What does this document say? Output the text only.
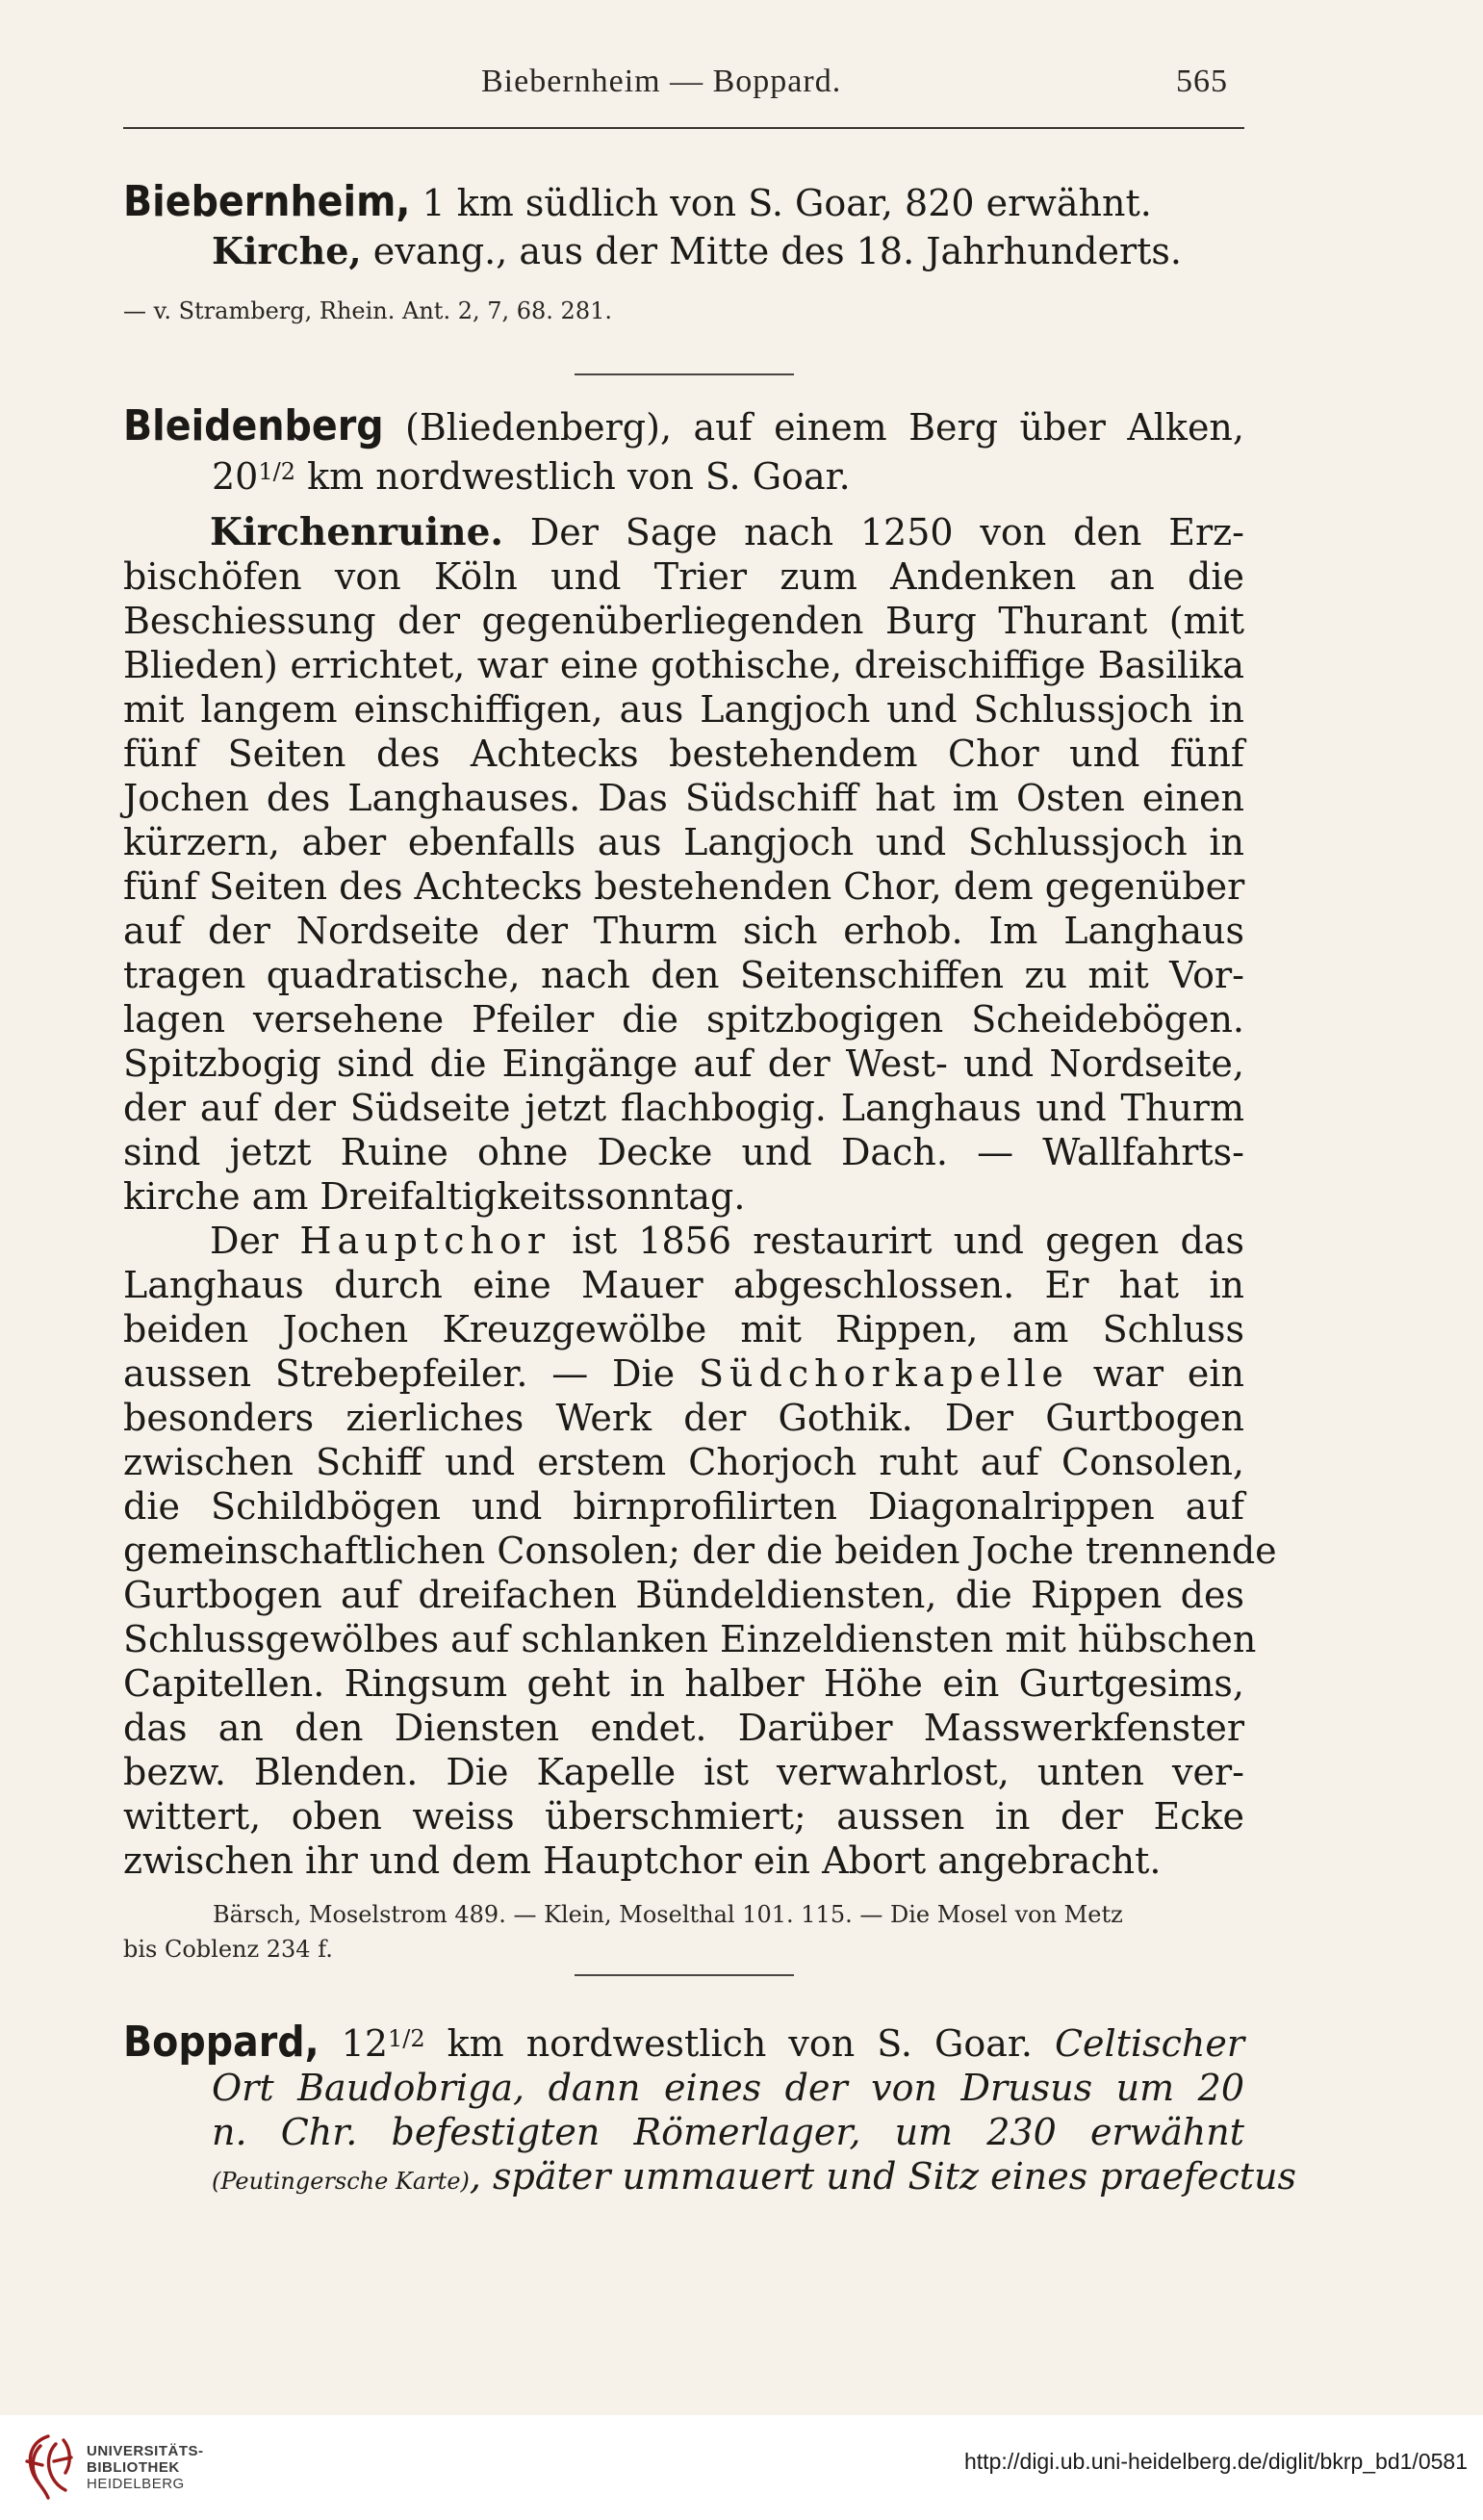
Biebernheim — Boppard.	565
Biebernheim, 1 km südlich von S. Goar, 820 erwähnt.
Kirche, evang., aus der Mitte des 18. Jahrhunderts.
— v. Stramberg, Rhein. Ant. 2, 7, 68. 281.
Bleidenberg (Bliedenberg), auf einem Berg über Alken,
$20^{1/2}$ km nordwestlich von S. Goar.
Kirchenruine. Der Sage nach 1250 von den Erz-
bischöfen von Köln und Trier zum Andenken an die
Beschiessung der gegenüberliegenden Burg Thurant (mit
Blieden) errichtet, war eine gothische, dreischiffige Basilika
mit langem einschiffigen, aus Langjoch und Schlussjoch in
fünf Seiten des Achtecks bestehendem Chor und fünf
Jochen des Langhauses. Das Südschiff hat im Osten einen
kürzern, aber ebenfalls aus Langjoch und Schlussjoch in
fünf Seiten des Achtecks bestehenden Chor, dem gegenüber
auf der Nordseite der Thurm sich erhob. Im Langhaus
tragen quadratische, nach den Seitenschiffen zu mit Vor-
lagen versehene Pfeiler die spitzbogigen Scheidebögen.
Spitzbogig sind die Eingänge auf der West- und Nordseite,
der auf der Südseite jetzt flachbogig. Langhaus und Thurm
sind jetzt Ruine ohne Decke und Dach. — Wallfahrts-
kirche am Dreifaltigkeitssonntag.
Der Hauptchor ist 1856 restaurirt und gegen das
Langhaus durch eine Mauer abgeschlossen. Er hat in
beiden Jochen Kreuzgewölbe mit Rippen, am Schluss
aussen Strebepfeiler. — Die Südchorkapelle war ein
besonders zierliches Werk der Gothik. Der Gurtbogen
zwischen Schiff und erstem Chorjoch ruht auf Consolen,
die Schildbögen und birnprofilirten Diagonalrippen auf
gemeinschaftlichen Consolen; der die beiden Joche trennende
Gurtbogen auf dreifachen Bündeldiensten, die Rippen des
Schlussgewölbes auf schlanken Einzeldiensten mit hübschen
Capitellen. Ringsum geht in halber Höhe ein Gurtgesims,
das an den Diensten endet. Darüber Masswerkfenster
bezw. Blenden. Die Kapelle ist verwahrlost, unten ver-
wittert, oben weiss überschmiert; aussen in der Ecke
zwischen ihr und dem Hauptchor ein Abort angebracht.
Bärsch, Moselstrom 489. — Klein, Moselthal 101. 115. — Die Mosel von Metz
bis Coblenz 234 f.
Boppard, $12^{1/2}$ km nordwestlich von S. Goar. Celtischer
Ort Baudobriga, dann eines der von Drusus um 20
n. Chr. befestigten Römerlager, um 230 erwähnt
(Peutingersche Karte), später ummauert und Sitz eines praefectus
UNIVERSITÄTS-
BIBLIOTHEK
HEIDELBERG
http://digi.ub.uni-heidelberg.de/diglit/bkrp_bd1/0581
